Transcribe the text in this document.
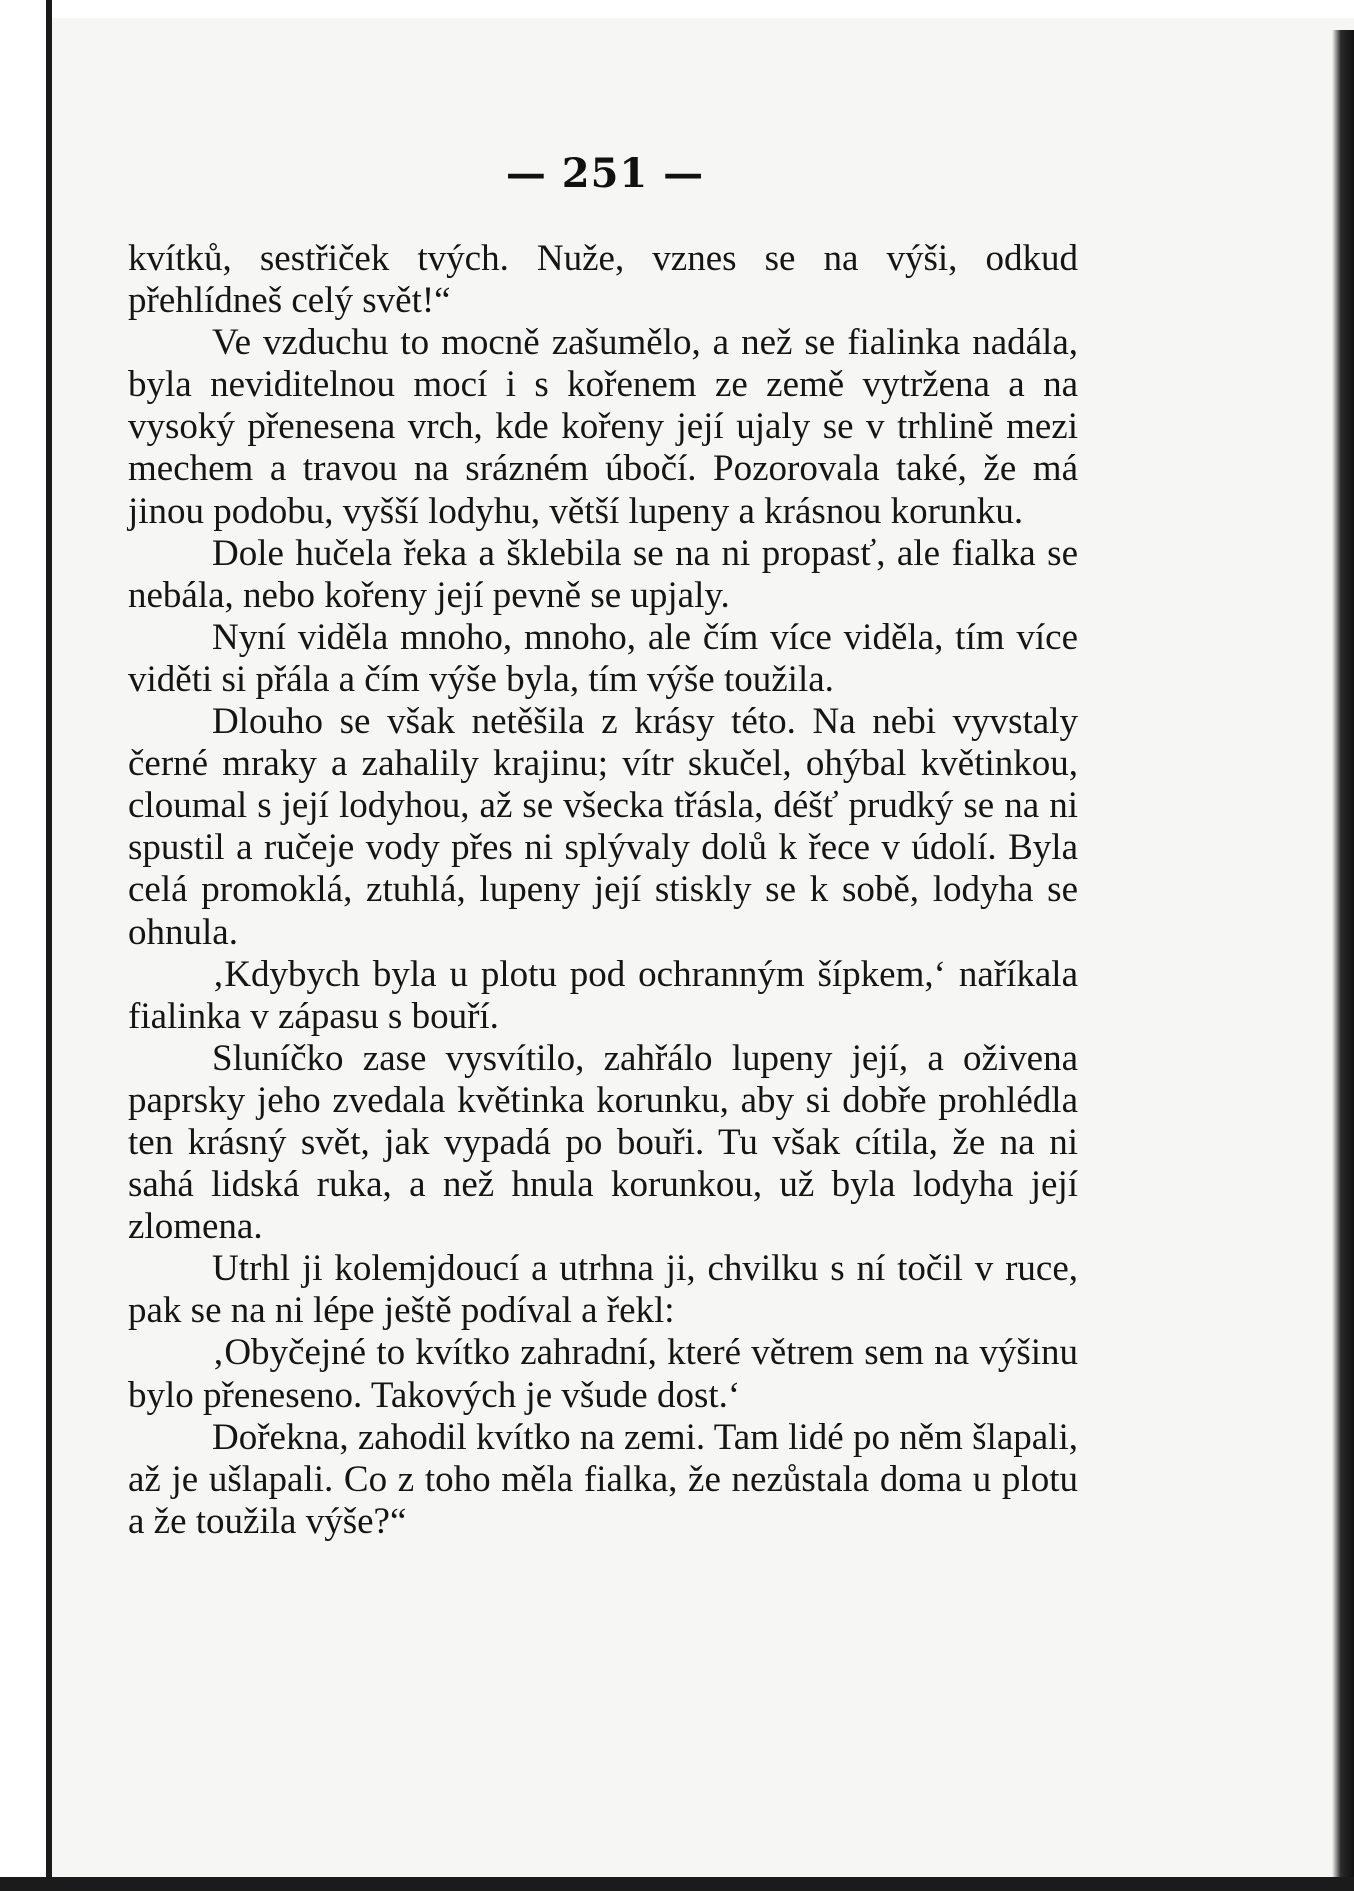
— 251 —

kvítků, sestřiček tvých. Nuže, vznes se na výši, odkud přehlídneš celý svět!“

Ve vzduchu to mocně zašumělo, a než se fialinka nadála, byla neviditelnou mocí i s kořenem ze země vytržena a na vysoký přenesena vrch, kde kořeny její ujaly se v trhlině mezi mechem a travou na srázném úbočí. Pozorovala také, že má jinou podobu, vyšší lodyhu, větší lupeny a krásnou korunku.

Dole hučela řeka a šklebila se na ni propasť, ale fialka se nebála, nebo kořeny její pevně se upjaly.

Nyní viděla mnoho, mnoho, ale čím více viděla, tím více viděti si přála a čím výše byla, tím výše toužila.

Dlouho se však netěšila z krásy této. Na nebi vyvstaly černé mraky a zahalily krajinu; vítr skučel, ohýbal květinkou, cloumal s její lodyhou, až se všecka třásla, déšť prudký se na ni spustil a ručeje vody přes ni splývaly dolů k řece v údolí. Byla celá promoklá, ztuhlá, lupeny její stiskly se k sobě, lodyha se ohnula.

‚Kdybych byla u plotu pod ochranným šípkem,‘ naříkala fialinka v zápasu s bouří.

Sluníčko zase vysvítilo, zahřálo lupeny její, a oživena paprsky jeho zvedala květinka korunku, aby si dobře prohlédla ten krásný svět, jak vypadá po bouři. Tu však cítila, že na ni sahá lidská ruka, a než hnula korunkou, už byla lodyha její zlomena.

Utrhl ji kolemjdoucí a utrhna ji, chvilku s ní točil v ruce, pak se na ni lépe ještě podíval a řekl:

‚Obyčejné to kvítko zahradní, které větrem sem na výšinu bylo přeneseno. Takových je všude dost.‘

Dořekna, zahodil kvítko na zemi. Tam lidé po něm šlapali, až je ušlapali. Co z toho měla fialka, že nezůstala doma u plotu a že toužila výše?“
